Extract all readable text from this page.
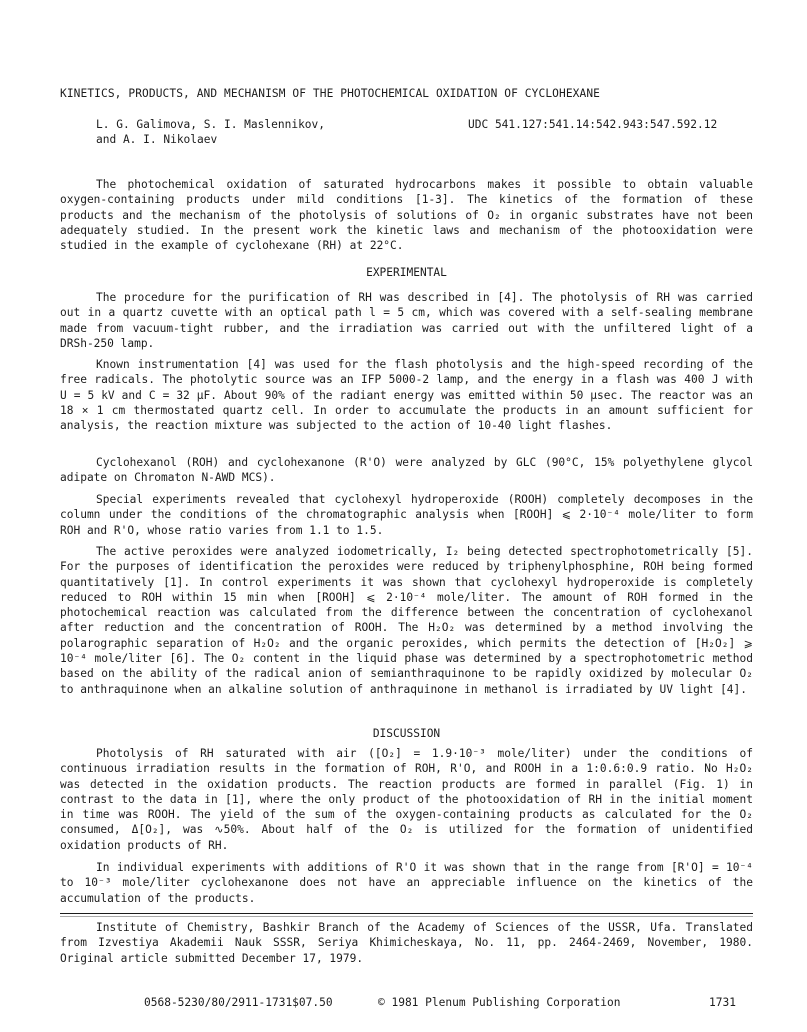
KINETICS, PRODUCTS, AND MECHANISM OF THE PHOTOCHEMICAL OXIDATION OF CYCLOHEXANE
L. G. Galimova, S. I. Maslennikov,
and A. I. Nikolaev
UDC 541.127:541.14:542.943:547.592.12

The photochemical oxidation of saturated hydrocarbons makes it possible to obtain valuable oxygen-containing products under mild conditions [1-3]. The kinetics of the formation of these products and the mechanism of the photolysis of solutions of O₂ in organic substrates have not been adequately studied. In the present work the kinetic laws and mechanism of the photooxidation were studied in the example of cyclohexane (RH) at 22°C.

EXPERIMENTAL

The procedure for the purification of RH was described in [4]. The photolysis of RH was carried out in a quartz cuvette with an optical path l = 5 cm, which was covered with a self-sealing membrane made from vacuum-tight rubber, and the irradiation was carried out with the unfiltered light of a DRSh-250 lamp.

Known instrumentation [4] was used for the flash photolysis and the high-speed recording of the free radicals. The photolytic source was an IFP 5000-2 lamp, and the energy in a flash was 400 J with U = 5 kV and C = 32 μF. About 90% of the radiant energy was emitted within 50 μsec. The reactor was an 18 × 1 cm thermostated quartz cell. In order to accumulate the products in an amount sufficient for analysis, the reaction mixture was subjected to the action of 10-40 light flashes.

Cyclohexanol (ROH) and cyclohexanone (R'O) were analyzed by GLC (90°C, 15% polyethylene glycol adipate on Chromaton N-AWD MCS).

Special experiments revealed that cyclohexyl hydroperoxide (ROOH) completely decomposes in the column under the conditions of the chromatographic analysis when [ROOH] ⩽ 2·10⁻⁴ mole/liter to form ROH and R'O, whose ratio varies from 1.1 to 1.5.

The active peroxides were analyzed iodometrically, I₂ being detected spectrophotometrically [5]. For the purposes of identification the peroxides were reduced by triphenylphosphine, ROH being formed quantitatively [1]. In control experiments it was shown that cyclohexyl hydroperoxide is completely reduced to ROH within 15 min when [ROOH] ⩽ 2·10⁻⁴ mole/liter. The amount of ROH formed in the photochemical reaction was calculated from the difference between the concentration of cyclohexanol after reduction and the concentration of ROOH. The H₂O₂ was determined by a method involving the polarographic separation of H₂O₂ and the organic peroxides, which permits the detection of [H₂O₂] ⩾ 10⁻⁴ mole/liter [6]. The O₂ content in the liquid phase was determined by a spectrophotometric method based on the ability of the radical anion of semianthraquinone to be rapidly oxidized by molecular O₂ to anthraquinone when an alkaline solution of anthraquinone in methanol is irradiated by UV light [4].

DISCUSSION

Photolysis of RH saturated with air ([O₂] = 1.9·10⁻³ mole/liter) under the conditions of continuous irradiation results in the formation of ROH, R'O, and ROOH in a 1:0.6:0.9 ratio. No H₂O₂ was detected in the oxidation products. The reaction products are formed in parallel (Fig. 1) in contrast to the data in [1], where the only product of the photooxidation of RH in the initial moment in time was ROOH. The yield of the sum of the oxygen-containing products as calculated for the O₂ consumed, Δ[O₂], was ∿50%. About half of the O₂ is utilized for the formation of unidentified oxidation products of RH.

In individual experiments with additions of R'O it was shown that in the range from [R'O] = 10⁻⁴ to 10⁻³ mole/liter cyclohexanone does not have an appreciable influence on the kinetics of the accumulation of the products.

Institute of Chemistry, Bashkir Branch of the Academy of Sciences of the USSR, Ufa. Translated from Izvestiya Akademii Nauk SSSR, Seriya Khimicheskaya, No. 11, pp. 2464-2469, November, 1980. Original article submitted December 17, 1979.

0568-5230/80/2911-1731$07.50	© 1981 Plenum Publishing Corporation	1731
